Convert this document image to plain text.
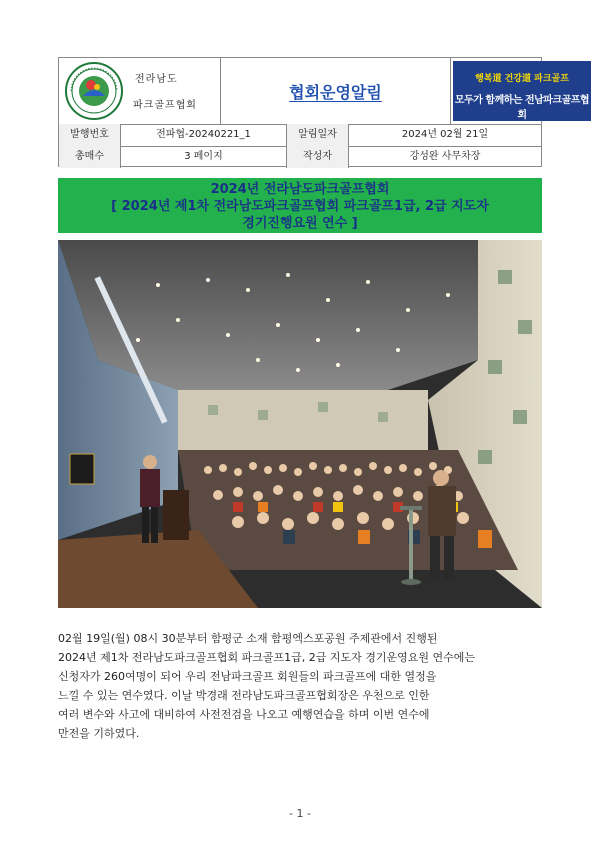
전라남도
파크골프협회
협회운영알림
행복道 건강道 파크골프
모두가 함께하는 전남파크골프협회
발행번호	전파협-20240221_1	알림일자	2024년 02월 21일
총매수	3 페이지	작성자	강성완 사무차장
2024년 전라남도파크골프협회
[ 2024년 제1차 전라남도파크골프협회 파크골프1급, 2급 지도자
경기진행요원 연수 ]
02월 19일(월) 08시 30분부터 함평군 소재 함평엑스포공원 주제관에서 진행된
2024년 제1차 전라남도파크골프협회 파크골프1급, 2급 지도자 경기운영요원 연수에는
신청자가 260여명이 되어 우리 전남파크골프 회원들의 파크골프에 대한 열정을
느낄 수 있는 연수였다. 이날 박경래 전라남도파크골프협회장은 우천으로 인한
여러 변수와 사고에 대비하여 사전전검을 나오고 예행연습을 하며 이번 연수에
만전을 기하였다.
- 1 -
